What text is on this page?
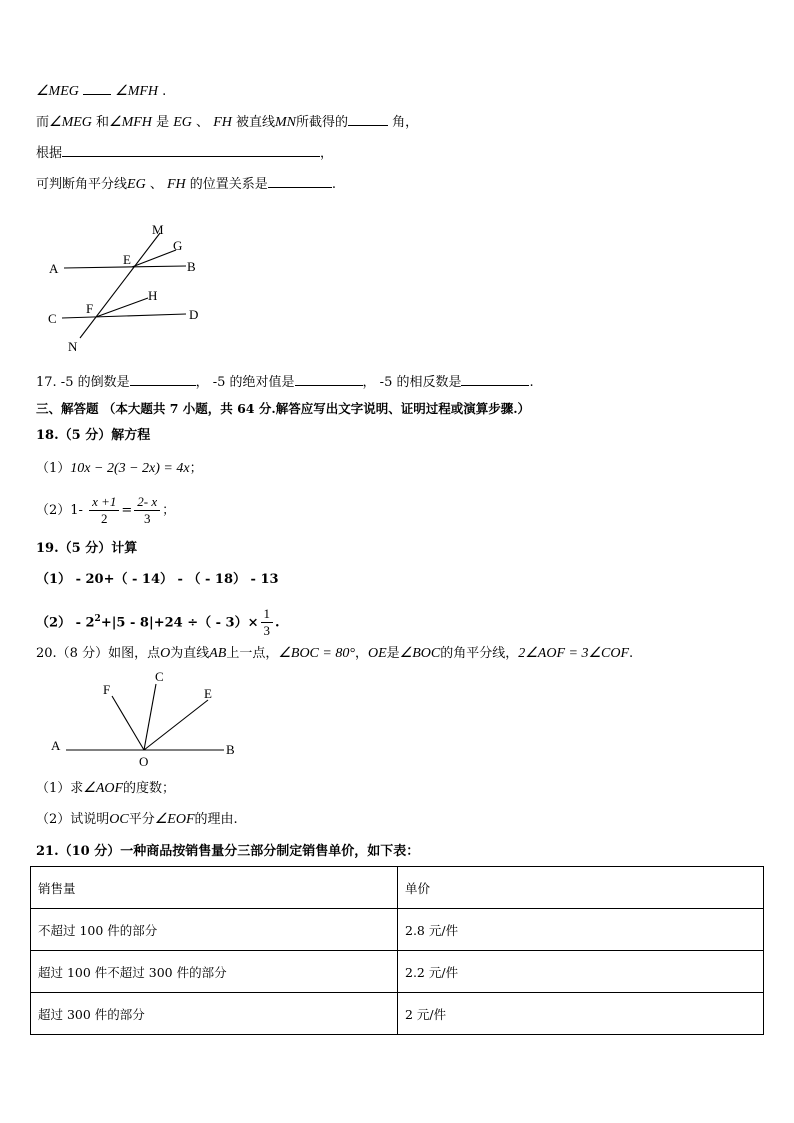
∠MEG	∠MFH .
而∠MEG 和∠MFH 是 EG 、 FH 被直线MN所截得的	角，
根据	，
可判断角平分线EG 、 FH 的位置关系是	.
M
G
A
E	B
H
F
C	D
N
17. -5 的倒数是	， -5 的绝对值是	， -5 的相反数是	.
三、解答题 （本大题共 7 小题，共 64 分.解答应写出文字说明、证明过程或演算步骤.）
18.（5 分）解方程
（1）10x − 2(3 − 2x) = 4x；
$(2)1- \frac{x +1}{2} = \frac{2- x}{3}$ ；
19.（5 分）计算
（1） - 20+（ - 14） - （ - 18） - 13
$(2) - 2^2+|5 - 8|+24$ ÷（ - $3)\times \frac{1}{3}$ .
20.（8 分）如图，点O为直线AB上一点，∠BOC = 80°，OE是∠BOC的角平分线，2∠AOF = 3∠COF.
F
C
E
A
O
B
（1）求∠AOF的度数；
（2）试说明OC平分∠EOF的理由.
21.（10 分）一种商品按销售量分三部分制定销售单价，如下表：
销售量	单价
不超过 100 件的部分	2.8 元/件
超过 100 件不超过 300 件的部分	2.2 元/件
超过 300 件的部分	2 元/件
